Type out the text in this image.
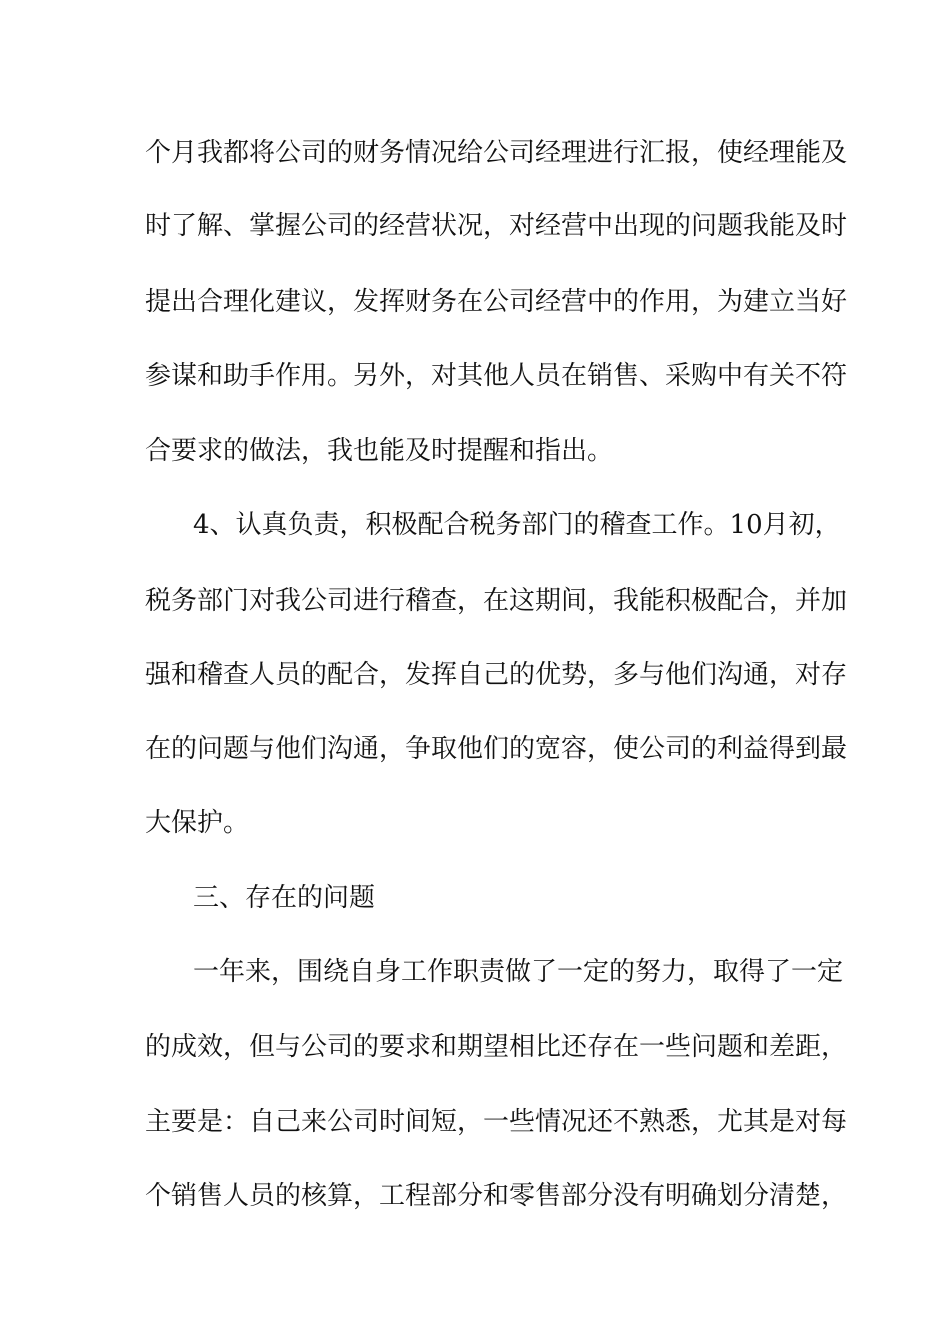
个月我都将公司的财务情况给公司经理进行汇报，使经理能及
时了解、掌握公司的经营状况，对经营中出现的问题我能及时
提出合理化建议，发挥财务在公司经营中的作用，为建立当好
参谋和助手作用。另外，对其他人员在销售、采购中有关不符
合要求的做法，我也能及时提醒和指出。
4、认真负责，积极配合税务部门的稽查工作。10月初，
税务部门对我公司进行稽查，在这期间，我能积极配合，并加
强和稽查人员的配合，发挥自己的优势，多与他们沟通，对存
在的问题与他们沟通，争取他们的宽容，使公司的利益得到最
大保护。
三、存在的问题
一年来，围绕自身工作职责做了一定的努力，取得了一定
的成效，但与公司的要求和期望相比还存在一些问题和差距，
主要是：自己来公司时间短，一些情况还不熟悉，尤其是对每
个销售人员的核算，工程部分和零售部分没有明确划分清楚，
